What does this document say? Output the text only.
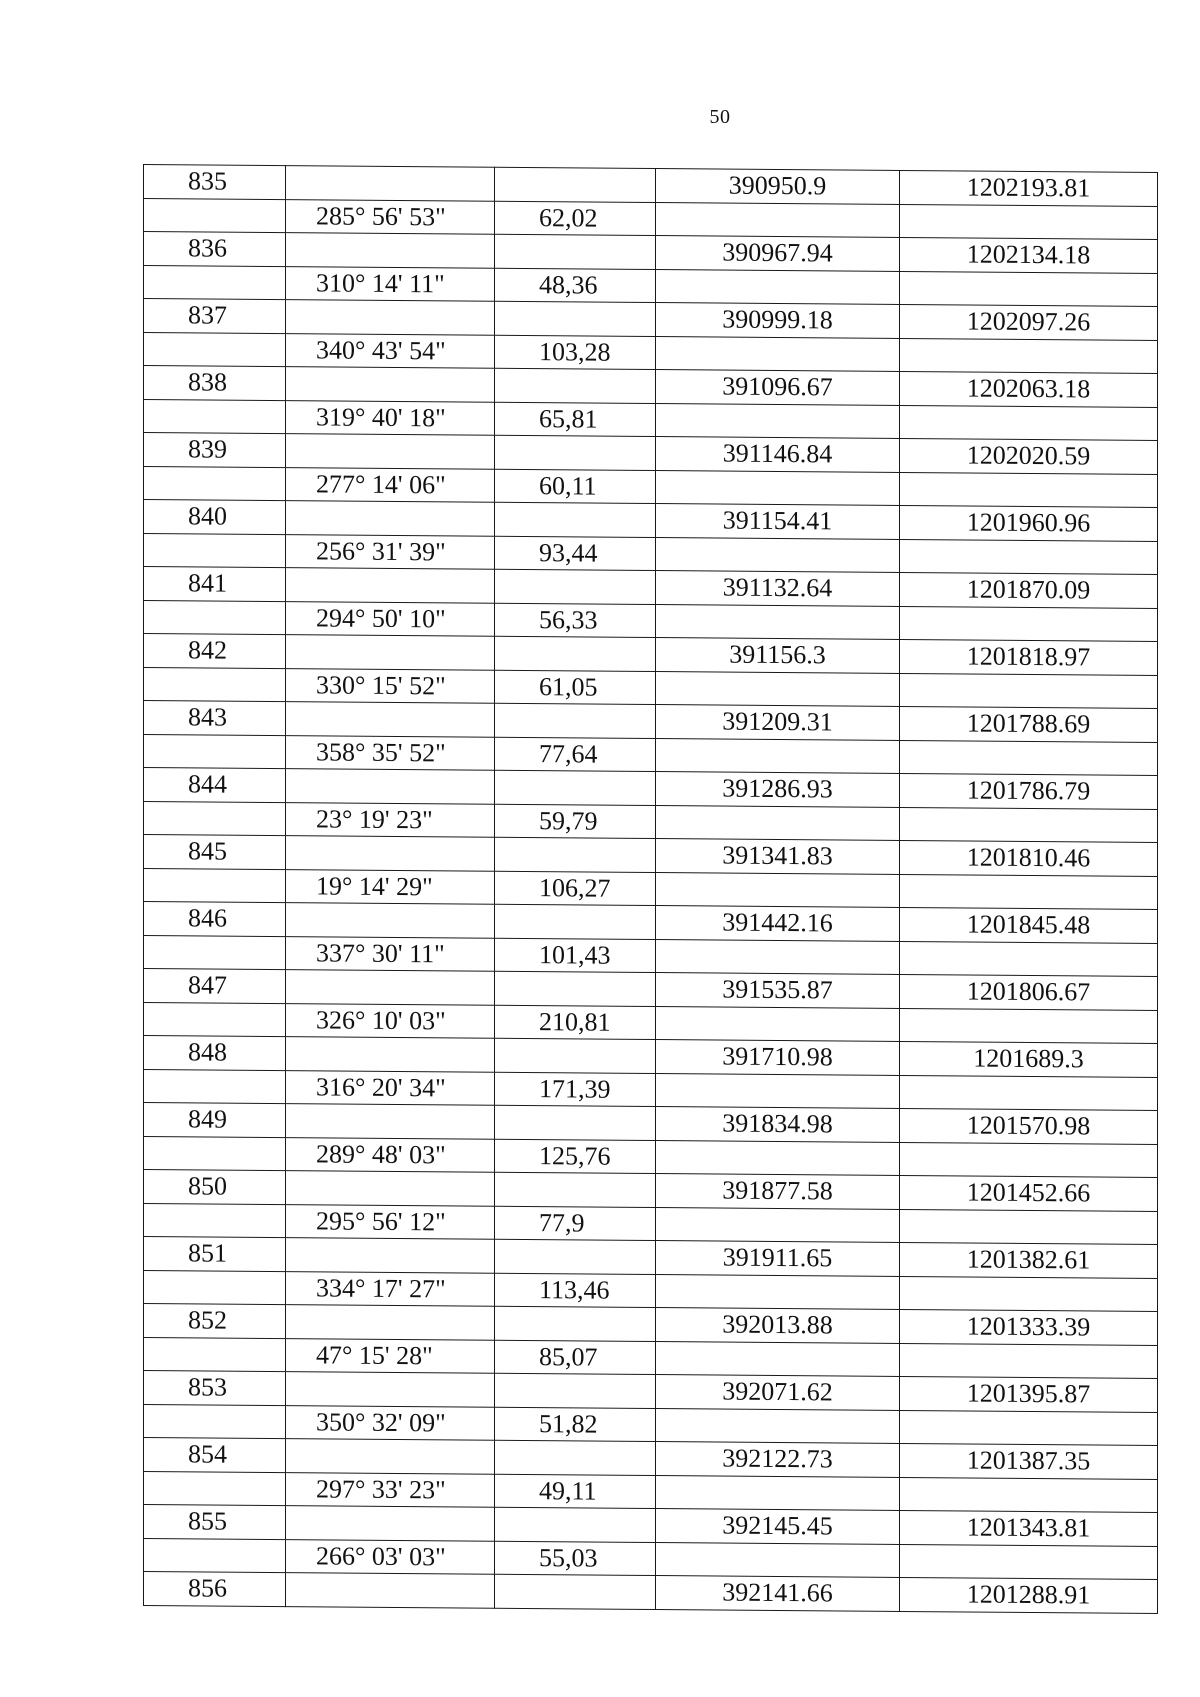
50
835			390950.9	1202193.81
	285° 56' 53"	62,02		
836			390967.94	1202134.18
	310° 14' 11"	48,36		
837			390999.18	1202097.26
	340° 43' 54"	103,28		
838			391096.67	1202063.18
	319° 40' 18"	65,81		
839			391146.84	1202020.59
	277° 14' 06"	60,11		
840			391154.41	1201960.96
	256° 31' 39"	93,44		
841			391132.64	1201870.09
	294° 50' 10"	56,33		
842			391156.3	1201818.97
	330° 15' 52"	61,05		
843			391209.31	1201788.69
	358° 35' 52"	77,64		
844			391286.93	1201786.79
	23° 19' 23"	59,79		
845			391341.83	1201810.46
	19° 14' 29"	106,27		
846			391442.16	1201845.48
	337° 30' 11"	101,43		
847			391535.87	1201806.67
	326° 10' 03"	210,81		
848			391710.98	1201689.3
	316° 20' 34"	171,39		
849			391834.98	1201570.98
	289° 48' 03"	125,76		
850			391877.58	1201452.66
	295° 56' 12"	77,9		
851			391911.65	1201382.61
	334° 17' 27"	113,46		
852			392013.88	1201333.39
	47° 15' 28"	85,07		
853			392071.62	1201395.87
	350° 32' 09"	51,82		
854			392122.73	1201387.35
	297° 33' 23"	49,11		
855			392145.45	1201343.81
	266° 03' 03"	55,03		
856			392141.66	1201288.91
